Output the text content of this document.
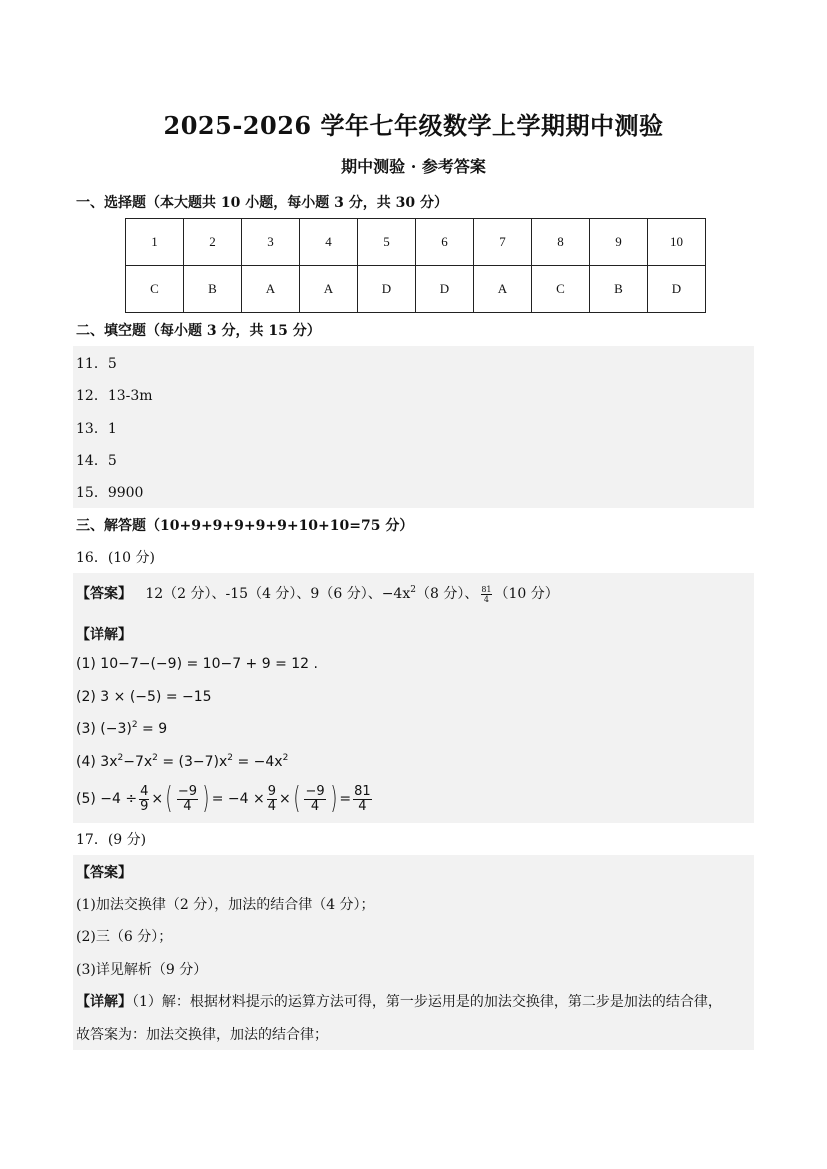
2025-2026 学年七年级数学上学期期中测验
期中测验 · 参考答案
一、选择题（本大题共 10 小题，每小题 3 分，共 30 分）
1	2	3	4	5	6	7	8	9	10
C	B	A	A	D	D	A	C	B	D
二、填空题（每小题 3 分，共 15 分）
11．5
12．13-3m
13．1
14．5
15．9900
三、解答题（10+9+9+9+9+9+10+10=75 分）
16．(10 分)
【答案】 12（2 分）、-15（4 分）、9（6 分）、$-4x^2(8$ 分）、 $\frac{81}{4} (10$ 分）
【详解】
(1) 10−7−(−9) = 10−7 + 9 = 12 .
(2) 3 × (−5) = −15
(3) $(-3)^2 = 9$
(4) $3x^2-7x^2 = (3-7)x^2 = -4x^2$
(5)
$-4 \div \frac{4}{9}$ × ( $\frac{-9}{4}$ ) = $-4 \times \frac{9}{4}$ × ( $\frac{-9}{4}$ ) = $\frac{81}{4}$
17．(9 分)
【答案】
(1)加法交换律（2 分），加法的结合律（4 分）；
(2)三（6 分）；
(3)详见解析（9 分）
【详解】（1）解：根据材料提示的运算方法可得，第一步运用是的加法交换律，第二步是加法的结合律，
故答案为：加法交换律，加法的结合律；
